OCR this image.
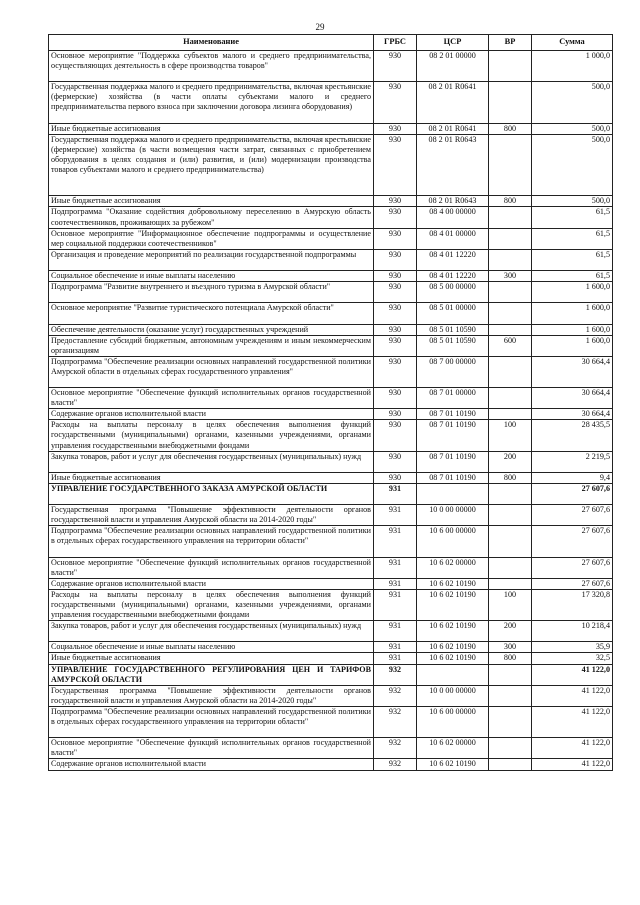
29
Наименование	ГРБС	ЦСР	ВР	Сумма
Основное мероприятие "Поддержка субъектов малого и среднего предпринимательства, осуществляющих деятельность в сфере производства товаров"	930	08 2 01 00000		1 000,0
Государственная поддержка малого и среднего предпринимательства, включая крестьянские (фермерские) хозяйства (в части оплаты субъектами малого и среднего предпринимательства первого взноса при заключении договора лизинга оборудования)	930	08 2 01 R0641		500,0
Иные бюджетные ассигнования	930	08 2 01 R0641	800	500,0
Государственная поддержка малого и среднего предпринимательства, включая крестьянские (фермерские) хозяйства (в части возмещения части затрат, связанных с приобретением оборудования в целях создания и (или) развития, и (или) модернизации производства товаров субъектами малого и среднего предпринимательства)	930	08 2 01 R0643		500,0
Иные бюджетные ассигнования	930	08 2 01 R0643	800	500,0
Подпрограмма "Оказание содействия добровольному переселению в Амурскую область соотечественников, проживающих за рубежом"	930	08 4 00 00000		61,5
Основное мероприятие "Информационное обеспечение подпрограммы и осуществление мер социальной поддержки соотечественников"	930	08 4 01 00000		61,5
Организация и проведение мероприятий по реализации государственной подпрограммы	930	08 4 01 12220		61,5
Социальное обеспечение и иные выплаты населению	930	08 4 01 12220	300	61,5
Подпрограмма "Развитие внутреннего и въездного туризма в Амурской области"	930	08 5 00 00000		1 600,0
Основное мероприятие "Развитие туристического потенциала Амурской области"	930	08 5 01 00000		1 600,0
Обеспечение деятельности (оказание услуг) государственных учреждений	930	08 5 01 10590		1 600,0
Предоставление субсидий бюджетным, автономным учреждениям и иным некоммерческим организациям	930	08 5 01 10590	600	1 600,0
Подпрограмма "Обеспечение реализации основных направлений государственной политики Амурской области в отдельных сферах государственного управления"	930	08 7 00 00000		30 664,4
Основное мероприятие "Обеспечение функций исполнительных органов государственной власти"	930	08 7 01 00000		30 664,4
Содержание органов исполнительной власти	930	08 7 01 10190		30 664,4
Расходы на выплаты персоналу в целях обеспечения выполнения функций государственными (муниципальными) органами, казенными учреждениями, органами управления государственными внебюджетными фондами	930	08 7 01 10190	100	28 435,5
Закупка товаров, работ и услуг для обеспечения государственных (муниципальных) нужд	930	08 7 01 10190	200	2 219,5
Иные бюджетные ассигнования	930	08 7 01 10190	800	9,4
УПРАВЛЕНИЕ ГОСУДАРСТВЕННОГО ЗАКАЗА АМУРСКОЙ ОБЛАСТИ	931			27 607,6
Государственная программа "Повышение эффективности деятельности органов государственной власти и управления Амурской области на 2014-2020 годы"	931	10 0 00 00000		27 607,6
Подпрограмма "Обеспечение реализации основных направлений государственной политики в отдельных сферах государственного управления на территории области"	931	10 6 00 00000		27 607,6
Основное мероприятие "Обеспечение функций исполнительных органов государственной власти"	931	10 6 02 00000		27 607,6
Содержание органов исполнительной власти	931	10 6 02 10190		27 607,6
Расходы на выплаты персоналу в целях обеспечения выполнения функций государственными (муниципальными) органами, казенными учреждениями, органами управления государственными внебюджетными фондами	931	10 6 02 10190	100	17 320,8
Закупка товаров, работ и услуг для обеспечения государственных (муниципальных) нужд	931	10 6 02 10190	200	10 218,4
Социальное обеспечение и иные выплаты населению	931	10 6 02 10190	300	35,9
Иные бюджетные ассигнования	931	10 6 02 10190	800	32,5
УПРАВЛЕНИЕ ГОСУДАРСТВЕННОГО РЕГУЛИРОВАНИЯ ЦЕН И ТАРИФОВ АМУРСКОЙ ОБЛАСТИ	932			41 122,0
Государственная программа "Повышение эффективности деятельности органов государственной власти и управления Амурской области на 2014-2020 годы"	932	10 0 00 00000		41 122,0
Подпрограмма "Обеспечение реализации основных направлений государственной политики в отдельных сферах государственного управления на территории области"	932	10 6 00 00000		41 122,0
Основное мероприятие "Обеспечение функций исполнительных органов государственной власти"	932	10 6 02 00000		41 122,0
Содержание органов исполнительной власти	932	10 6 02 10190		41 122,0
